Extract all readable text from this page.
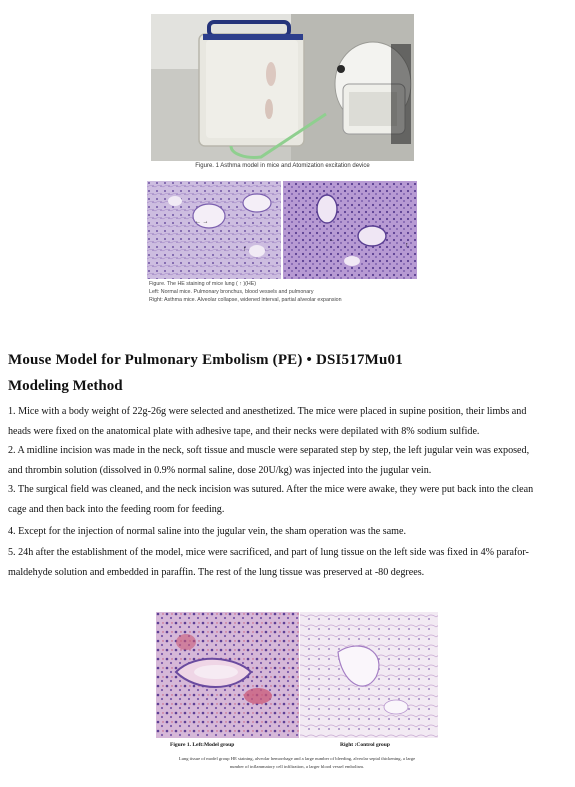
Figure. 1 Asthma model in mice and Atomization excitation device
← →
↑
←
↑
Figure. The HE staining of mice lung ( ↑ )(HE)
Left: Normal mice. Pulmonary bronchus, blood vessels and pulmonary
Right: Asthma mice. Alveolar collapse, widened interval, partial alveolar expansion
Mouse Model for Pulmonary Embolism (PE) • DSI517Mu01
Modeling Method
1. Mice with a body weight of 22g-26g were selected and anesthetized. The mice were placed in supine position, their limbs and
heads were fixed on the anatomical plate with adhesive tape, and their necks were depilated with 8% sodium sulfide.
2. A midline incision was made in the neck, soft tissue and muscle were separated step by step, the left jugular vein was exposed,
and thrombin solution (dissolved in 0.9% normal saline, dose 20U/kg) was injected into the jugular vein.
3. The surgical field was cleaned, and the neck incision was sutured. After the mice were awake, they were put back into the clean
cage and then back into the feeding room for feeding.
4. Except for the injection of normal saline into the jugular vein, the sham operation was the same.
5. 24h after the establishment of the model, mice were sacrificed, and part of lung tissue on the left side was fixed in 4% parafor-
maldehyde solution and embedded in paraffin. The rest of the lung tissue was preserved at -80 degrees.
Figure 1. Left:Model group	Right :Control group
Lung tissue of model group HE staining, alveolar hemorrhage and a large number of bleeding, alveolar septal thickening, a large
number of inflammatory cell infiltration, a larger blood vessel embolism.
